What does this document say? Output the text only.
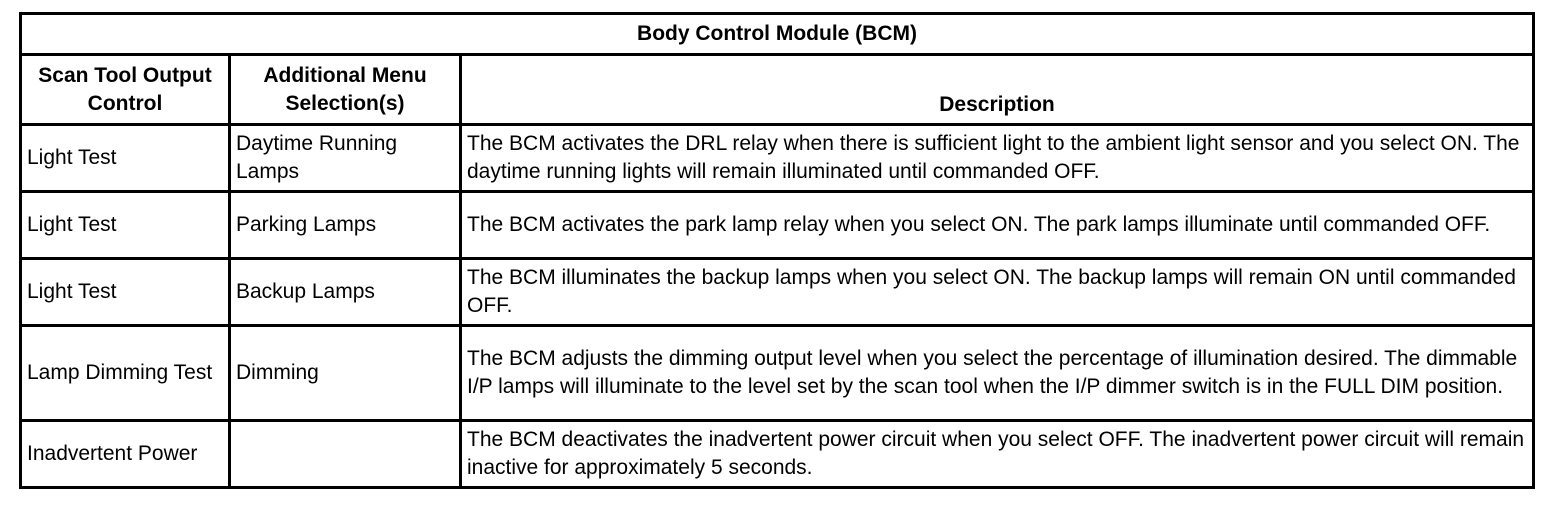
Body Control Module (BCM)		
Scan Tool Output Control	Additional Menu Selection(s)	Description
Light Test	Daytime Running Lamps	The BCM activates the DRL relay when there is sufficient light to the ambient light sensor and you select ON. The daytime running lights will remain illuminated until commanded OFF.
Light Test	Parking Lamps	The BCM activates the park lamp relay when you select ON. The park lamps illuminate until commanded OFF.
Light Test	Backup Lamps	The BCM illuminates the backup lamps when you select ON. The backup lamps will remain ON until commanded OFF.
Lamp Dimming Test	Dimming	The BCM adjusts the dimming output level when you select the percentage of illumination desired. The dimmable I/P lamps will illuminate to the level set by the scan tool when the I/P dimmer switch is in the FULL DIM position.
Inadvertent Power		The BCM deactivates the inadvertent power circuit when you select OFF. The inadvertent power circuit will remain inactive for approximately 5 seconds.
